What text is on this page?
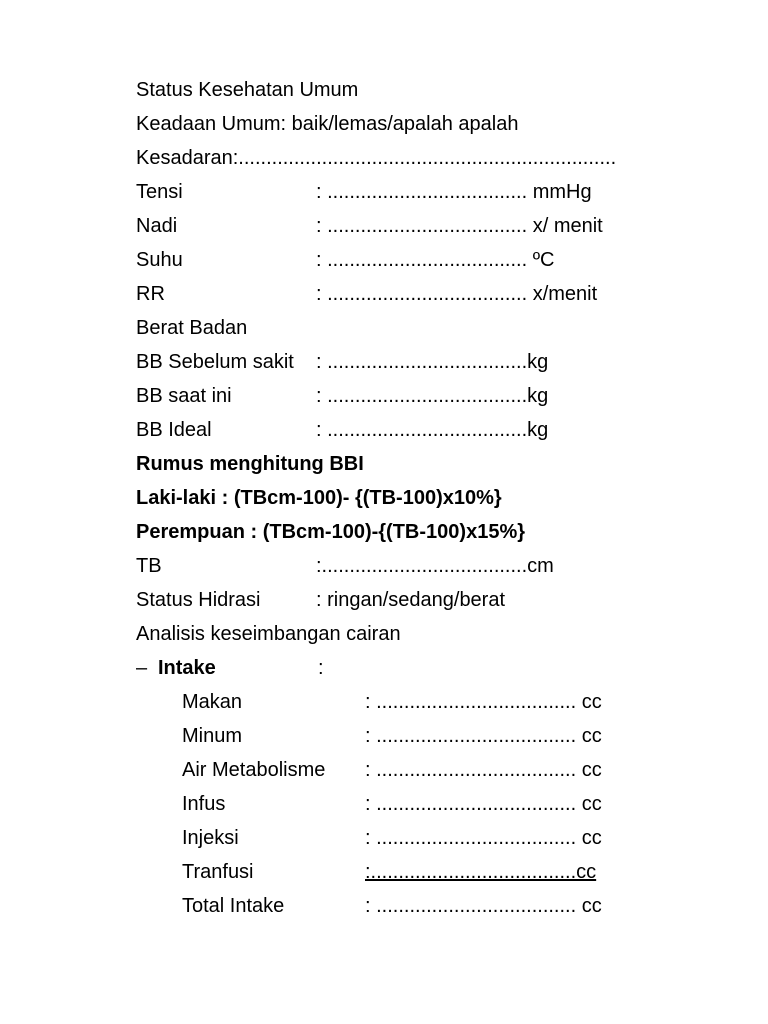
Status Kesehatan Umum
Keadaan Umum: baik/lemas/apalah apalah
Kesadaran:....................................................................
Tensi	: .................................... mmHg
Nadi	: .................................... x/ menit
Suhu	: .................................... ºC
RR	: .................................... x/menit
Berat Badan
BB Sebelum sakit : ....................................kg
BB saat ini	: ....................................kg
BB Ideal	: ....................................kg
Rumus menghitung BBI
Laki-laki : (TBcm-100)- {(TB-100)x10%}
Perempuan : (TBcm-100)-{(TB-100)x15%}
TB	:.....................................cm
Status Hidrasi	: ringan/sedang/berat
Analisis keseimbangan cairan
– Intake	:
Makan	: .................................... cc
Minum	: .................................... cc
Air Metabolisme : .................................... cc
Infus	: .................................... cc
Injeksi	: .................................... cc
Tranfusi	:.....................................cc
Total Intake	: .................................... cc
